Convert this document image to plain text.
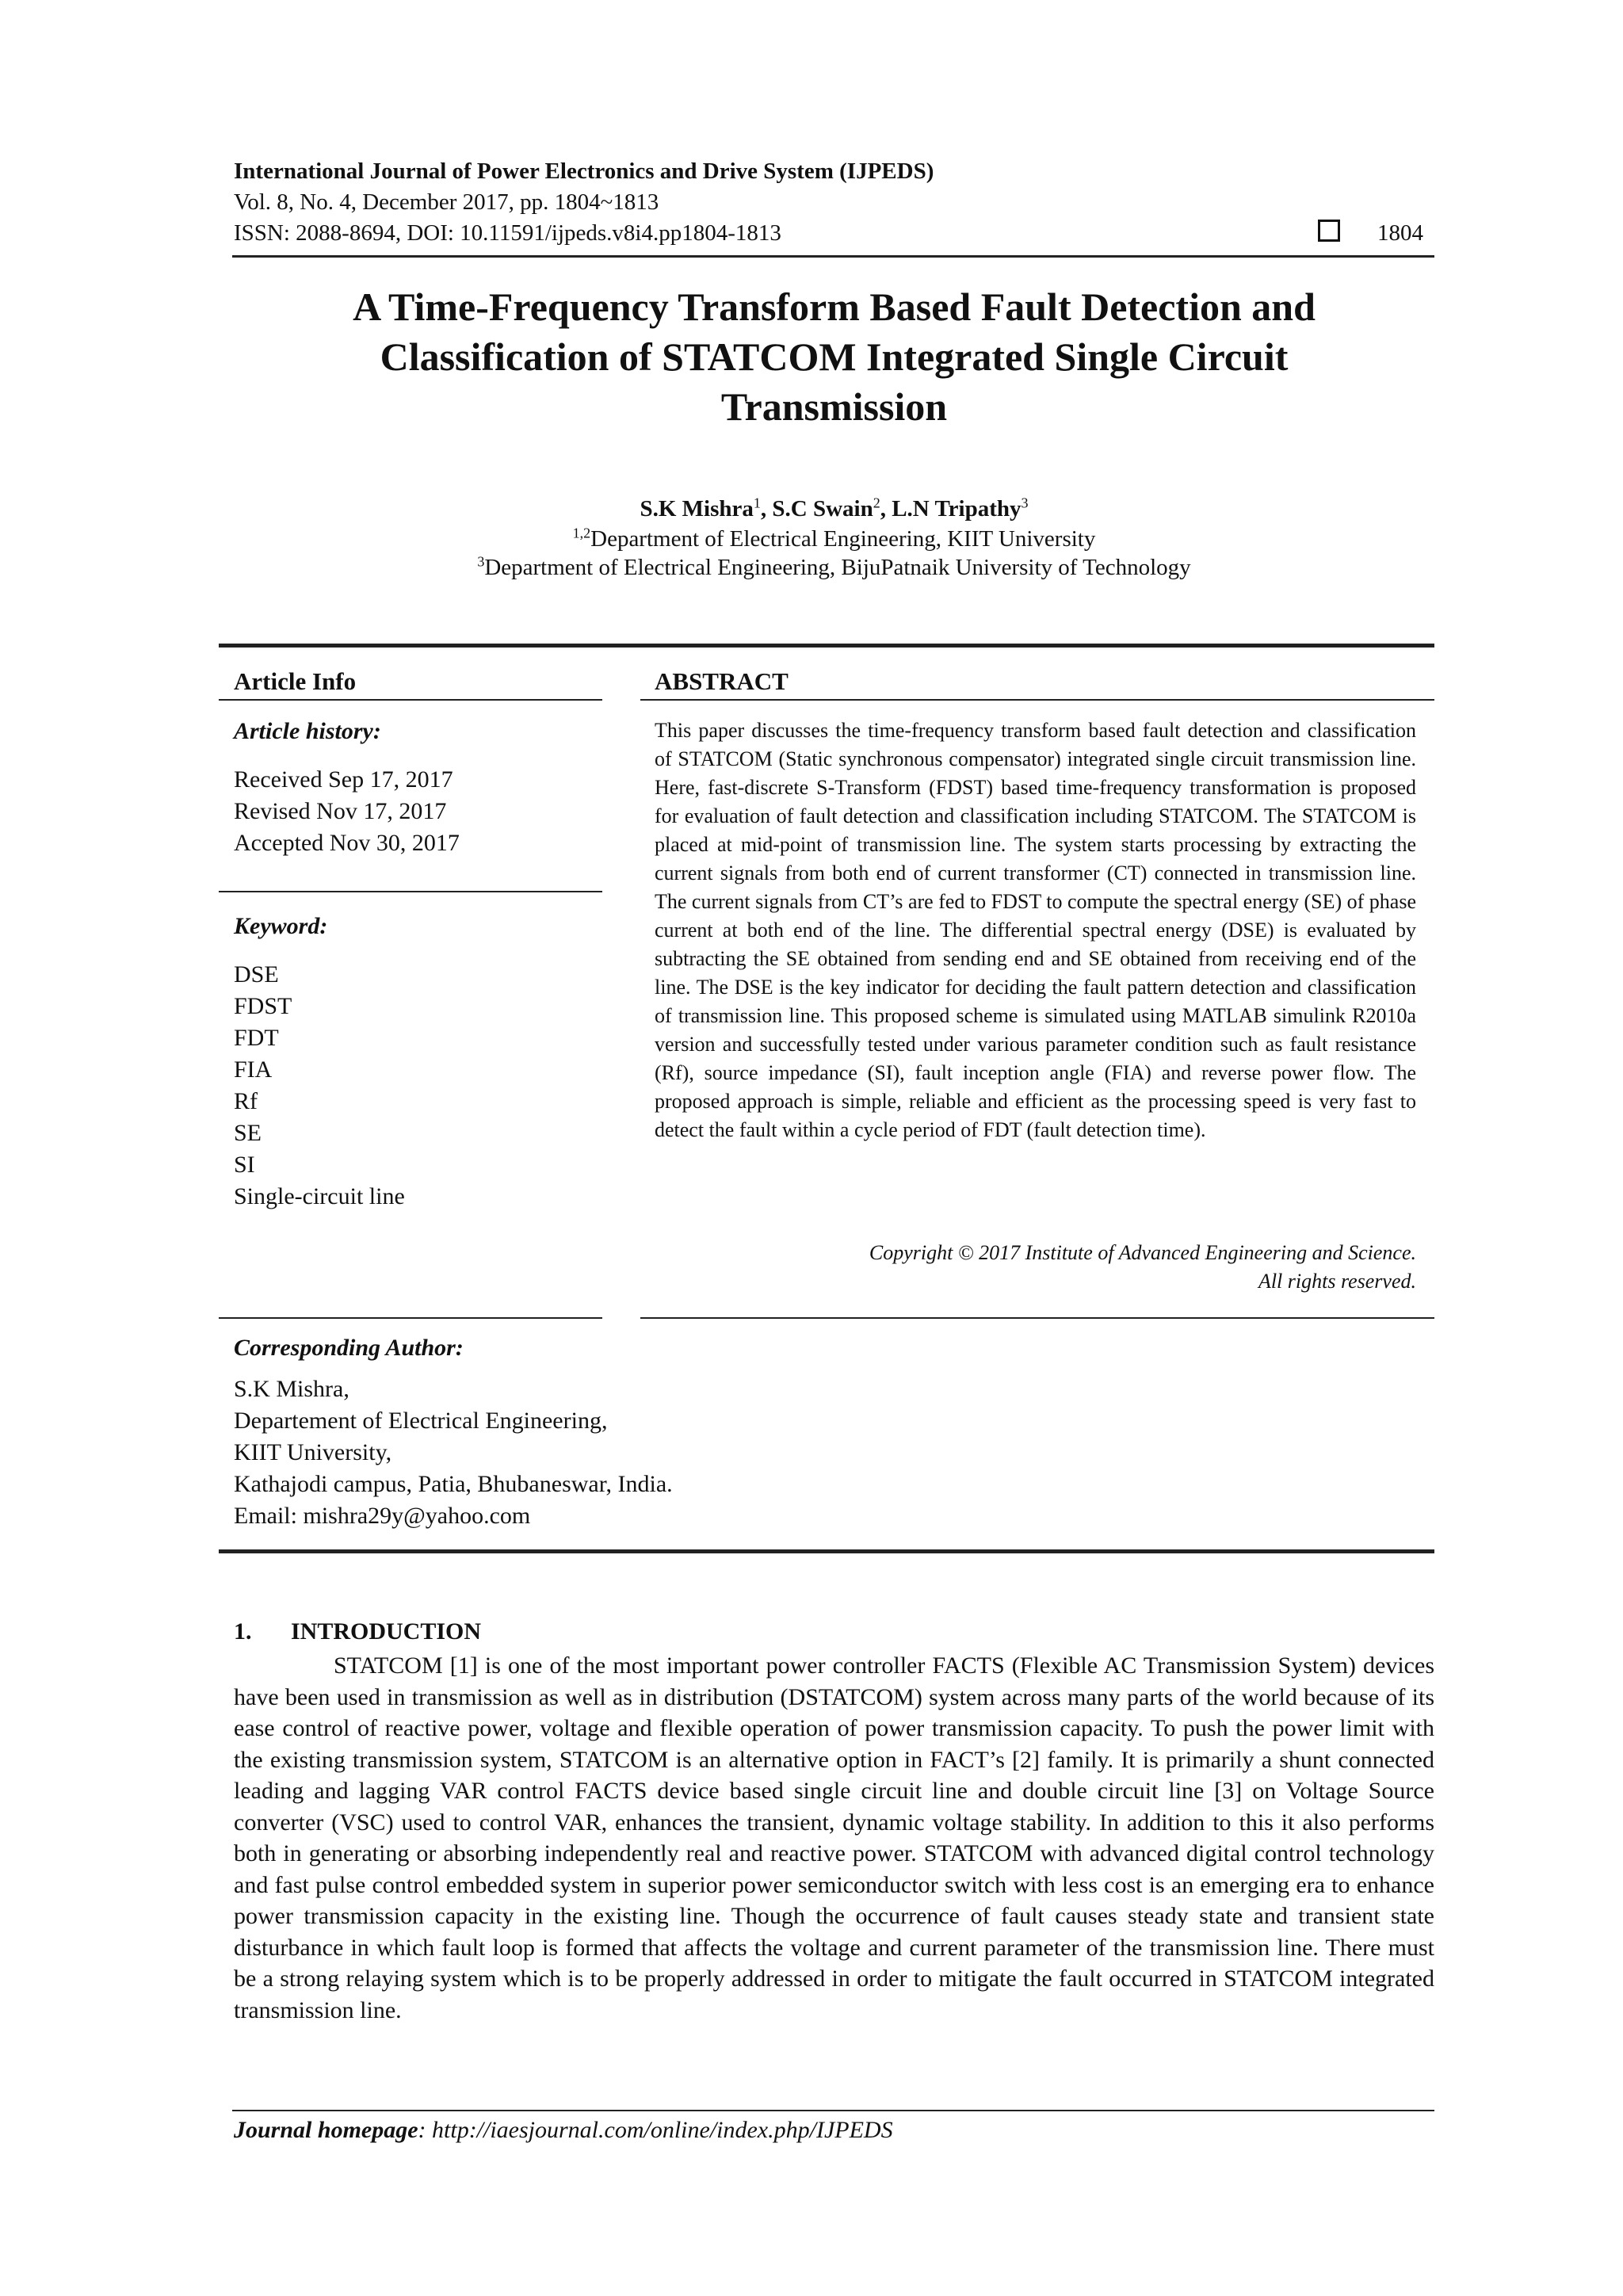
International Journal of Power Electronics and Drive System (IJPEDS)
Vol. 8, No. 4, December 2017, pp. 1804~1813
ISSN: 2088-8694, DOI: 10.11591/ijpeds.v8i4.pp1804-1813	1804
A Time-Frequency Transform Based Fault Detection and
Classification of STATCOM Integrated Single Circuit
Transmission
S.K Mishra$^1$, S.C Swain$^2$, L.N Tripathy$^3$
$^{1,2}$Department of Electrical Engineering, KIIT University
$^3$Department of Electrical Engineering, BijuPatnaik University of Technology
Article Info
Article history:
Received Sep 17, 2017
Revised Nov 17, 2017
Accepted Nov 30, 2017
Keyword:
DSE
FDST
FDT
FIA
Rf
SE
SI
Single-circuit line
ABSTRACT
This paper discusses the time-frequency transform based fault detection and classification of STATCOM (Static synchronous compensator) integrated single circuit transmission line. Here, fast-discrete S-Transform (FDST) based time-frequency transformation is proposed for evaluation of fault detection and classification including STATCOM. The STATCOM is placed at mid-point of transmission line. The system starts processing by extracting the current signals from both end of current transformer (CT) connected in transmission line. The current signals from CT’s are fed to FDST to compute the spectral energy (SE) of phase current at both end of the line. The differential spectral energy (DSE) is evaluated by subtracting the SE obtained from sending end and SE obtained from receiving end of the line. The DSE is the key indicator for deciding the fault pattern detection and classification of transmission line. This proposed scheme is simulated using MATLAB simulink R2010a version and successfully tested under various parameter condition such as fault resistance (Rf), source impedance (SI), fault inception angle (FIA) and reverse power flow. The proposed approach is simple, reliable and efficient as the processing speed is very fast to detect the fault within a cycle period of FDT (fault detection time).
Copyright © 2017 Institute of Advanced Engineering and Science.
All rights reserved.
Corresponding Author:
S.K Mishra,
Departement of Electrical Engineering,
KIIT University,
Kathajodi campus, Patia, Bhubaneswar, India.
Email: mishra29y@yahoo.com
1. INTRODUCTION
STATCOM [1] is one of the most important power controller FACTS (Flexible AC Transmission System) devices have been used in transmission as well as in distribution (DSTATCOM) system across many parts of the world because of its ease control of reactive power, voltage and flexible operation of power transmission capacity. To push the power limit with the existing transmission system, STATCOM is an alternative option in FACT’s [2] family. It is primarily a shunt connected leading and lagging VAR control FACTS device based single circuit line and double circuit line [3] on Voltage Source converter (VSC) used to control VAR, enhances the transient, dynamic voltage stability. In addition to this it also performs both in generating or absorbing independently real and reactive power. STATCOM with advanced digital control technology and fast pulse control embedded system in superior power semiconductor switch with less cost is an emerging era to enhance power transmission capacity in the existing line. Though the occurrence of fault causes steady state and transient state disturbance in which fault loop is formed that affects the voltage and current parameter of the transmission line. There must be a strong relaying system which is to be properly addressed in order to mitigate the fault occurred in STATCOM integrated transmission line.
Journal homepage: http://iaesjournal.com/online/index.php/IJPEDS
